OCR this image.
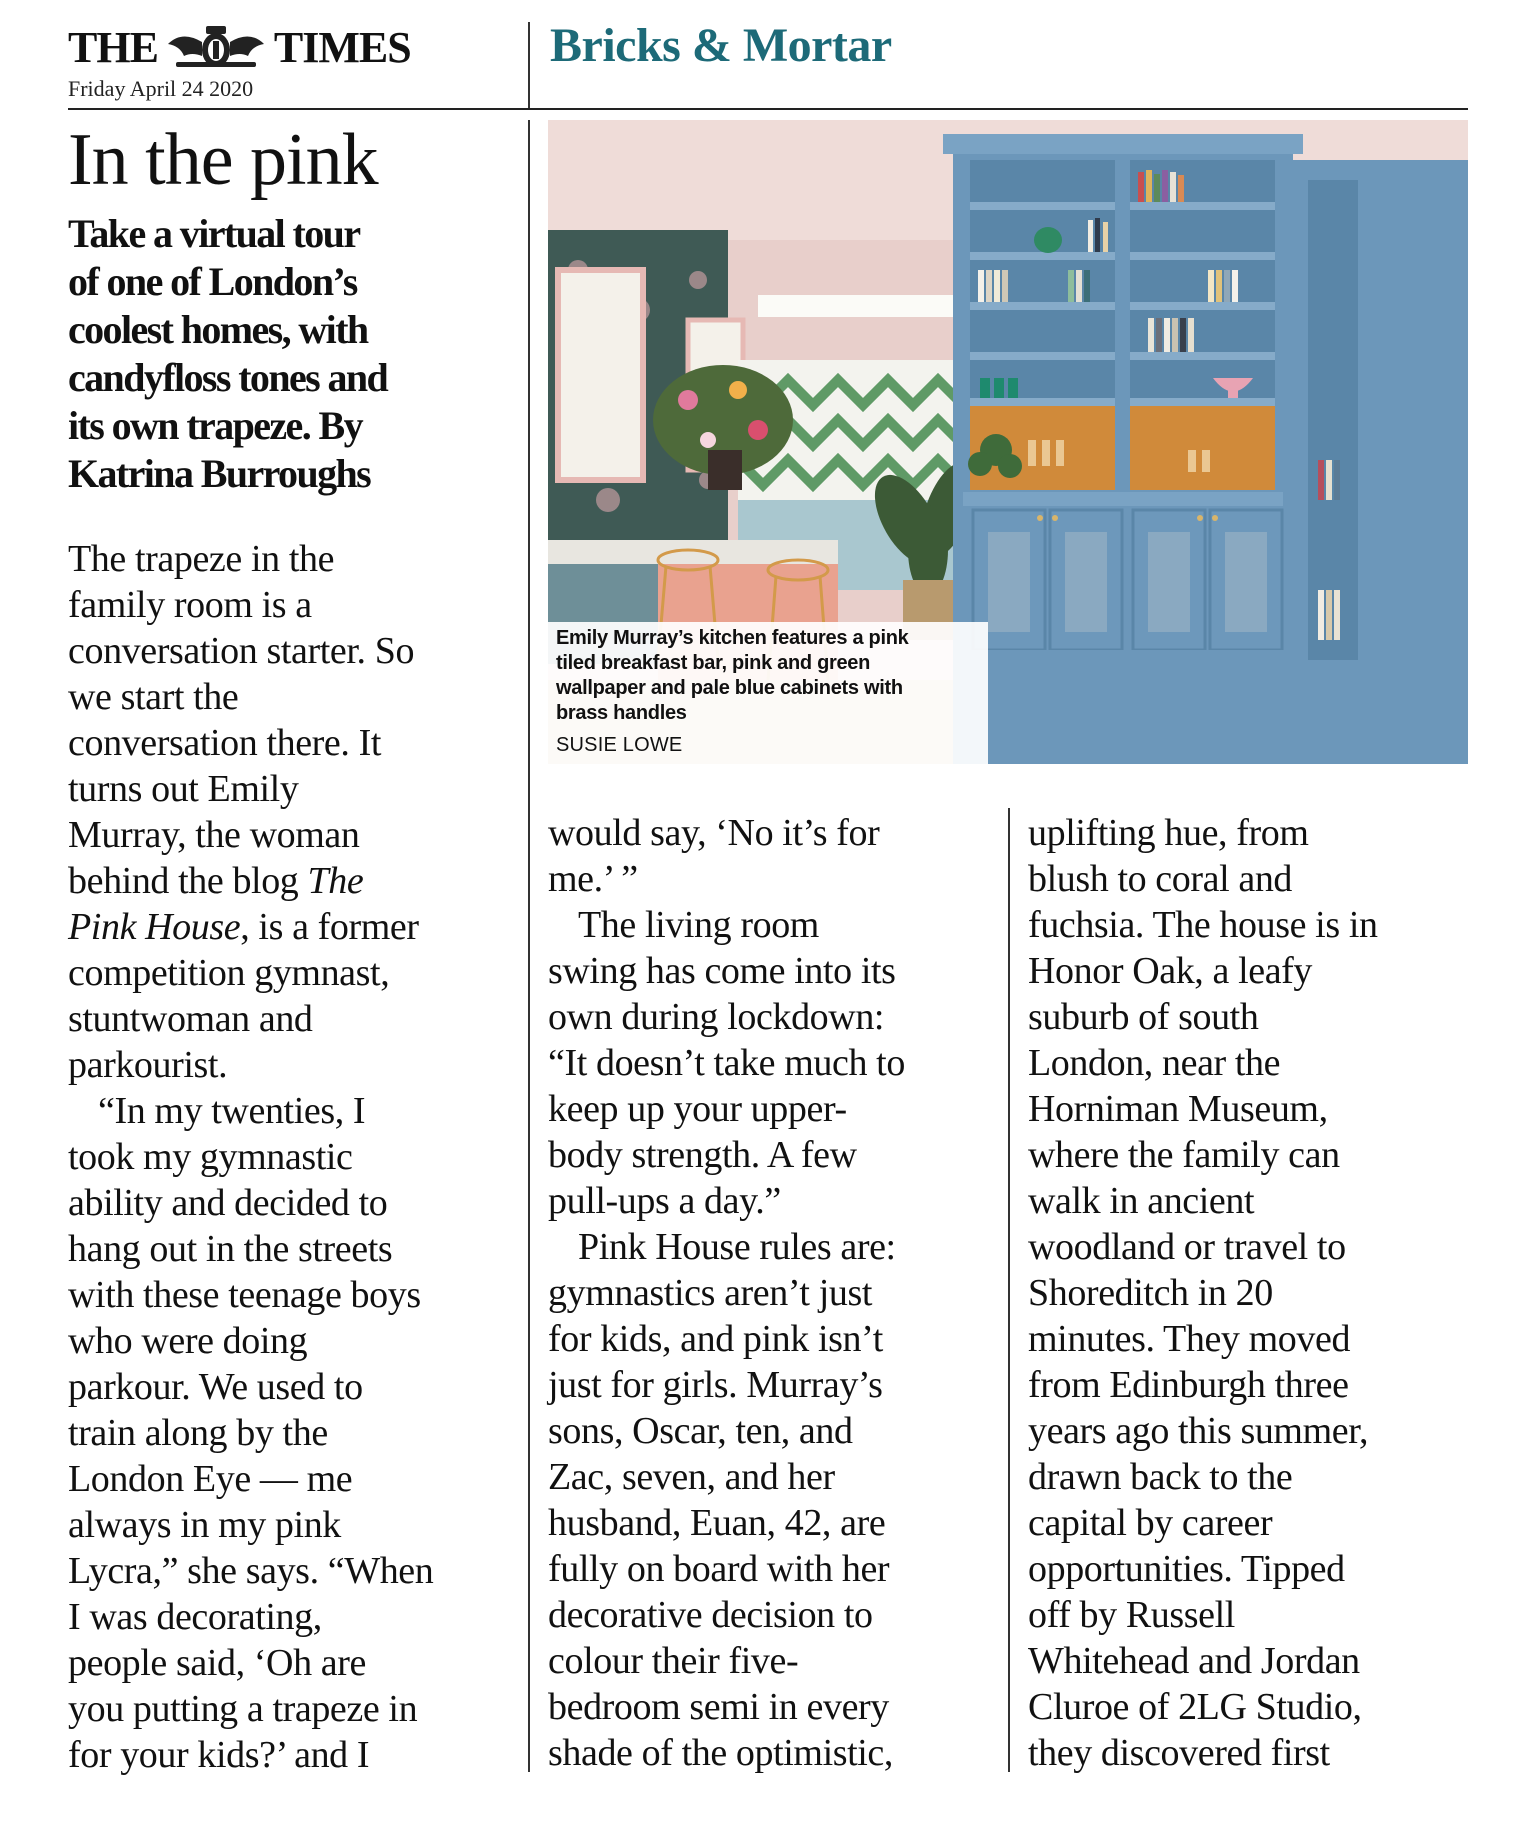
THE	TIMES
Friday April 24 2020
Bricks & Mortar
In the pink
Take a virtual tour
of one of London’s
coolest homes, with
candyfloss tones and
its own trapeze. By
Katrina Burroughs
The trapeze in the
family room is a
conversation starter. So
we start the
conversation there. It
turns out Emily
Murray, the woman
behind the blog The
Pink House, is a former
competition gymnast,
stuntwoman and
parkourist.
“In my twenties, I
took my gymnastic
ability and decided to
hang out in the streets
with these teenage boys
who were doing
parkour. We used to
train along by the
London Eye — me
always in my pink
Lycra,” she says. “When
I was decorating,
people said, ‘Oh are
you putting a trapeze in
for your kids?’ and I
Emily Murray’s kitchen features a pink
tiled breakfast bar, pink and green
wallpaper and pale blue cabinets with
brass handles
SUSIE LOWE
would say, ‘No it’s for
me.’ ”
The living room
swing has come into its
own during lockdown:
“It doesn’t take much to
keep up your upper-
body strength. A few
pull-ups a day.”
Pink House rules are:
gymnastics aren’t just
for kids, and pink isn’t
just for girls. Murray’s
sons, Oscar, ten, and
Zac, seven, and her
husband, Euan, 42, are
fully on board with her
decorative decision to
colour their five-
bedroom semi in every
shade of the optimistic,
uplifting hue, from
blush to coral and
fuchsia. The house is in
Honor Oak, a leafy
suburb of south
London, near the
Horniman Museum,
where the family can
walk in ancient
woodland or travel to
Shoreditch in 20
minutes. They moved
from Edinburgh three
years ago this summer,
drawn back to the
capital by career
opportunities. Tipped
off by Russell
Whitehead and Jordan
Cluroe of 2LG Studio,
they discovered first
